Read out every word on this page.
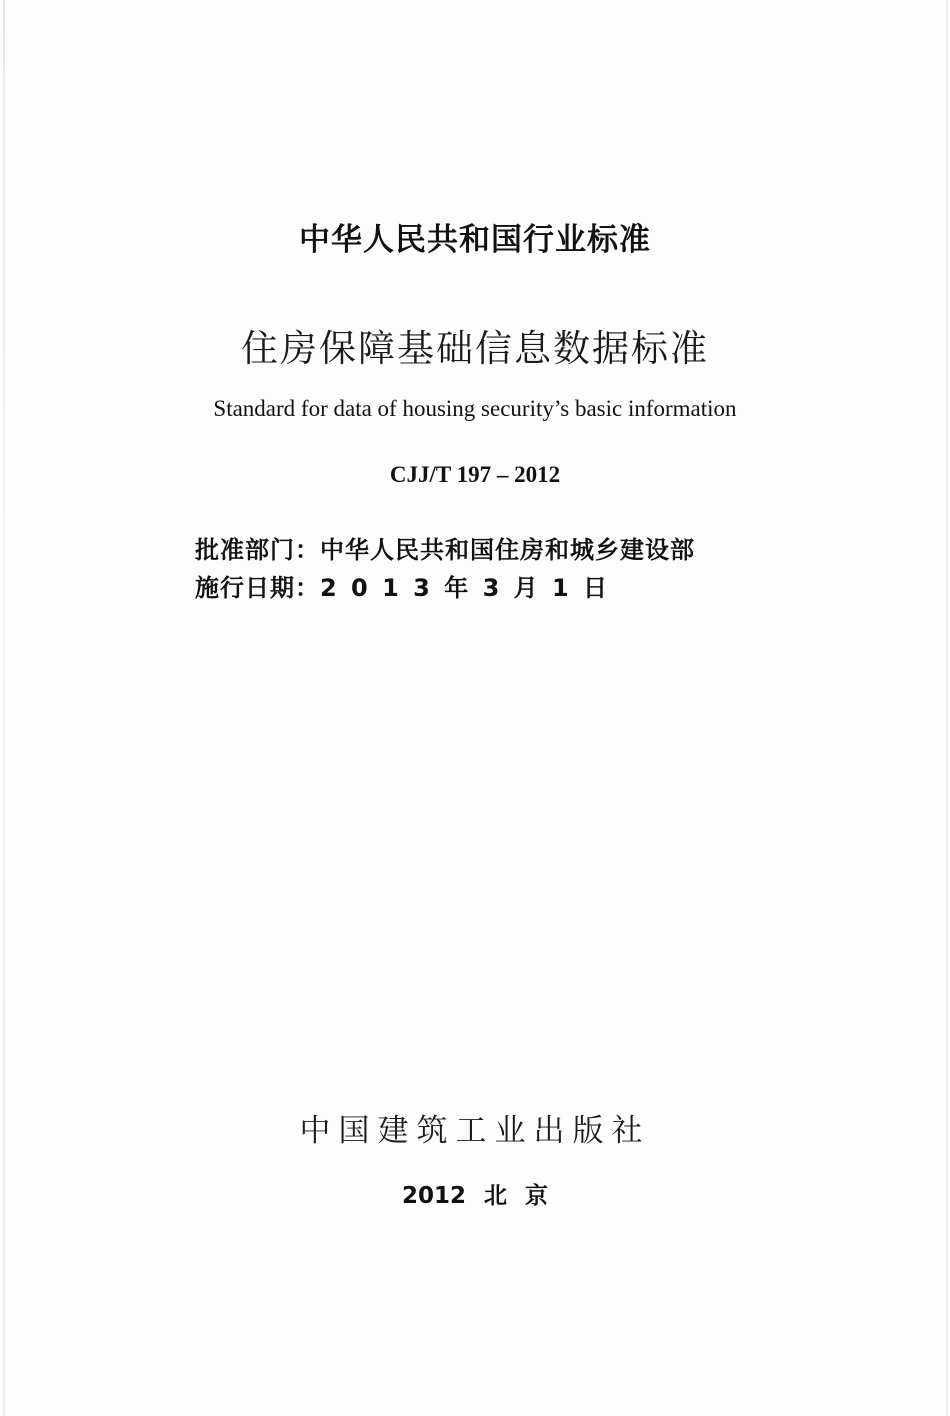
中华人民共和国行业标准
住房保障基础信息数据标准
Standard for data of housing security’s basic information
CJJ/T 197 – 2012
批准部门：中华人民共和国住房和城乡建设部
施行日期：2 0 1 3 年 3 月 1 日
中国建筑工业出版社
2012 北 京
